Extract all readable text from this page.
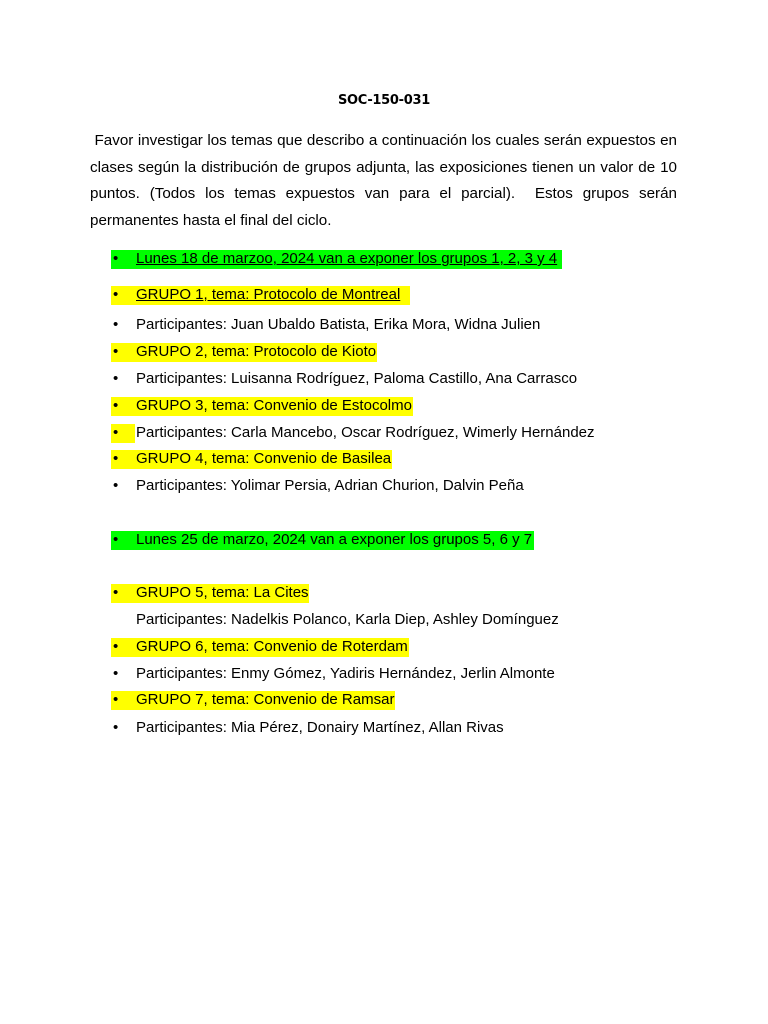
SOC-150-031
Favor investigar los temas que describo a continuación los cuales serán expuestos en clases según la distribución de grupos adjunta, las exposiciones tienen un valor de 10 puntos. (Todos los temas expuestos van para el parcial).  Estos grupos serán permanentes hasta el final del ciclo.
• Lunes 18 de marzoo, 2024 van a exponer los grupos 1, 2, 3 y 4
• GRUPO 1, tema: Protocolo de Montreal
• Participantes: Juan Ubaldo Batista, Erika Mora, Widna Julien
• GRUPO 2, tema: Protocolo de Kioto
• Participantes: Luisanna Rodríguez, Paloma Castillo, Ana Carrasco
• GRUPO 3, tema: Convenio de Estocolmo
• Participantes: Carla Mancebo, Oscar Rodríguez, Wimerly Hernández
• GRUPO 4, tema: Convenio de Basilea
• Participantes: Yolimar Persia, Adrian Churion, Dalvin Peña
• Lunes 25 de marzo, 2024 van a exponer los grupos 5, 6 y 7
• GRUPO 5, tema: La Cites
Participantes: Nadelkis Polanco, Karla Diep, Ashley Domínguez
• GRUPO 6, tema: Convenio de Roterdam
• Participantes: Enmy Gómez, Yadiris Hernández, Jerlin Almonte
• GRUPO 7, tema: Convenio de Ramsar
• Participantes: Mia Pérez, Donairy Martínez, Allan Rivas
